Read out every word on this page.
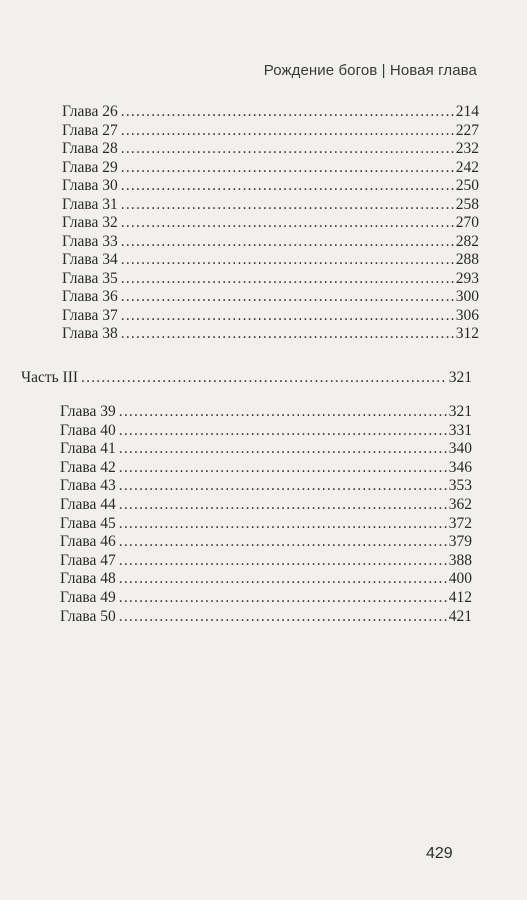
Рождение богов | Новая глава
Глава 26 .....	214
Глава 27 .....	227
Глава 28 .....	232
Глава 29 .....	242
Глава 30 .....	250
Глава 31 .....	258
Глава 32 .....	270
Глава 33 .....	282
Глава 34 .....	288
Глава 35 .....	293
Глава 36 .....	300
Глава 37 .....	306
Глава 38 .....	312
Часть III .....	321
Глава 39 .....	321
Глава 40 .....	331
Глава 41 .....	340
Глава 42 .....	346
Глава 43 .....	353
Глава 44 .....	362
Глава 45 .....	372
Глава 46 .....	379
Глава 47 .....	388
Глава 48 .....	400
Глава 49 .....	412
Глава 50 .....	421
429
